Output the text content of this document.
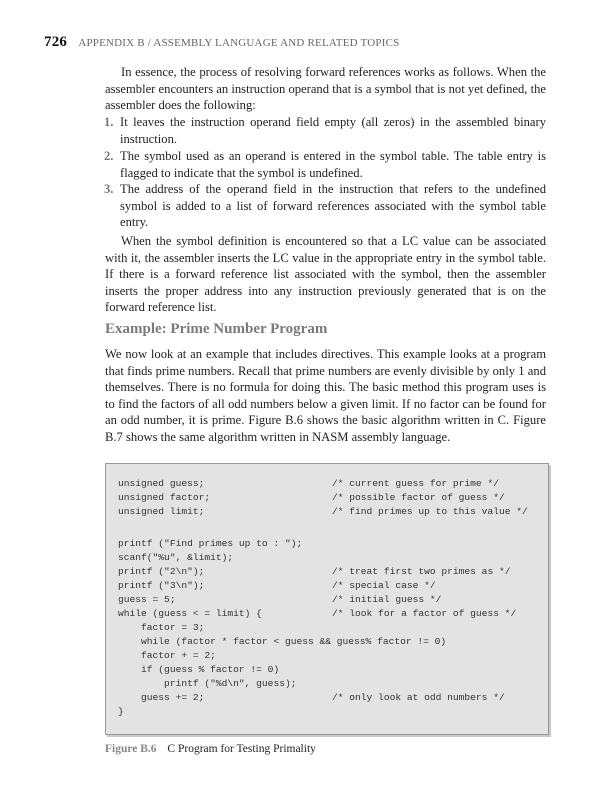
726 APPENDIX B / ASSEMBLY LANGUAGE AND RELATED TOPICS

In essence, the process of resolving forward references works as follows. When the assembler encounters an instruction operand that is a symbol that is not yet defined, the assembler does the following:

1. It leaves the instruction operand field empty (all zeros) in the assembled binary instruction.
2. The symbol used as an operand is entered in the symbol table. The table entry is flagged to indicate that the symbol is undefined.
3. The address of the operand field in the instruction that refers to the undefined symbol is added to a list of forward references associated with the symbol table entry.

When the symbol definition is encountered so that a LC value can be associated with it, the assembler inserts the LC value in the appropriate entry in the symbol table. If there is a forward reference list associated with the symbol, then the assembler inserts the proper address into any instruction previously generated that is on the forward reference list.

Example: Prime Number Program

We now look at an example that includes directives. This example looks at a program that finds prime numbers. Recall that prime numbers are evenly divisible by only 1 and themselves. There is no formula for doing this. The basic method this program uses is to find the factors of all odd numbers below a given limit. If no factor can be found for an odd number, it is prime. Figure B.6 shows the basic algorithm written in C. Figure B.7 shows the same algorithm written in NASM assembly language.

unsigned guess;
unsigned factor;
unsigned limit;
printf ("Find primes up to : ");
scanf("%u", &limit);
printf ("2\n");
printf ("3\n");
guess = 5;
while (guess < = limit) {
factor = 3;
while (factor * factor < guess && guess% factor != 0)
factor + = 2;
if (guess % factor != 0)
printf ("%d\n", guess);
guess += 2;
}
/* current guess for prime */
/* possible factor of guess */
/* find primes up to this value */
/* treat first two primes as */
/* special case */
/* initial guess */
/* look for a factor of guess */
/* only look at odd numbers */
Figure B.6 C Program for Testing Primality
